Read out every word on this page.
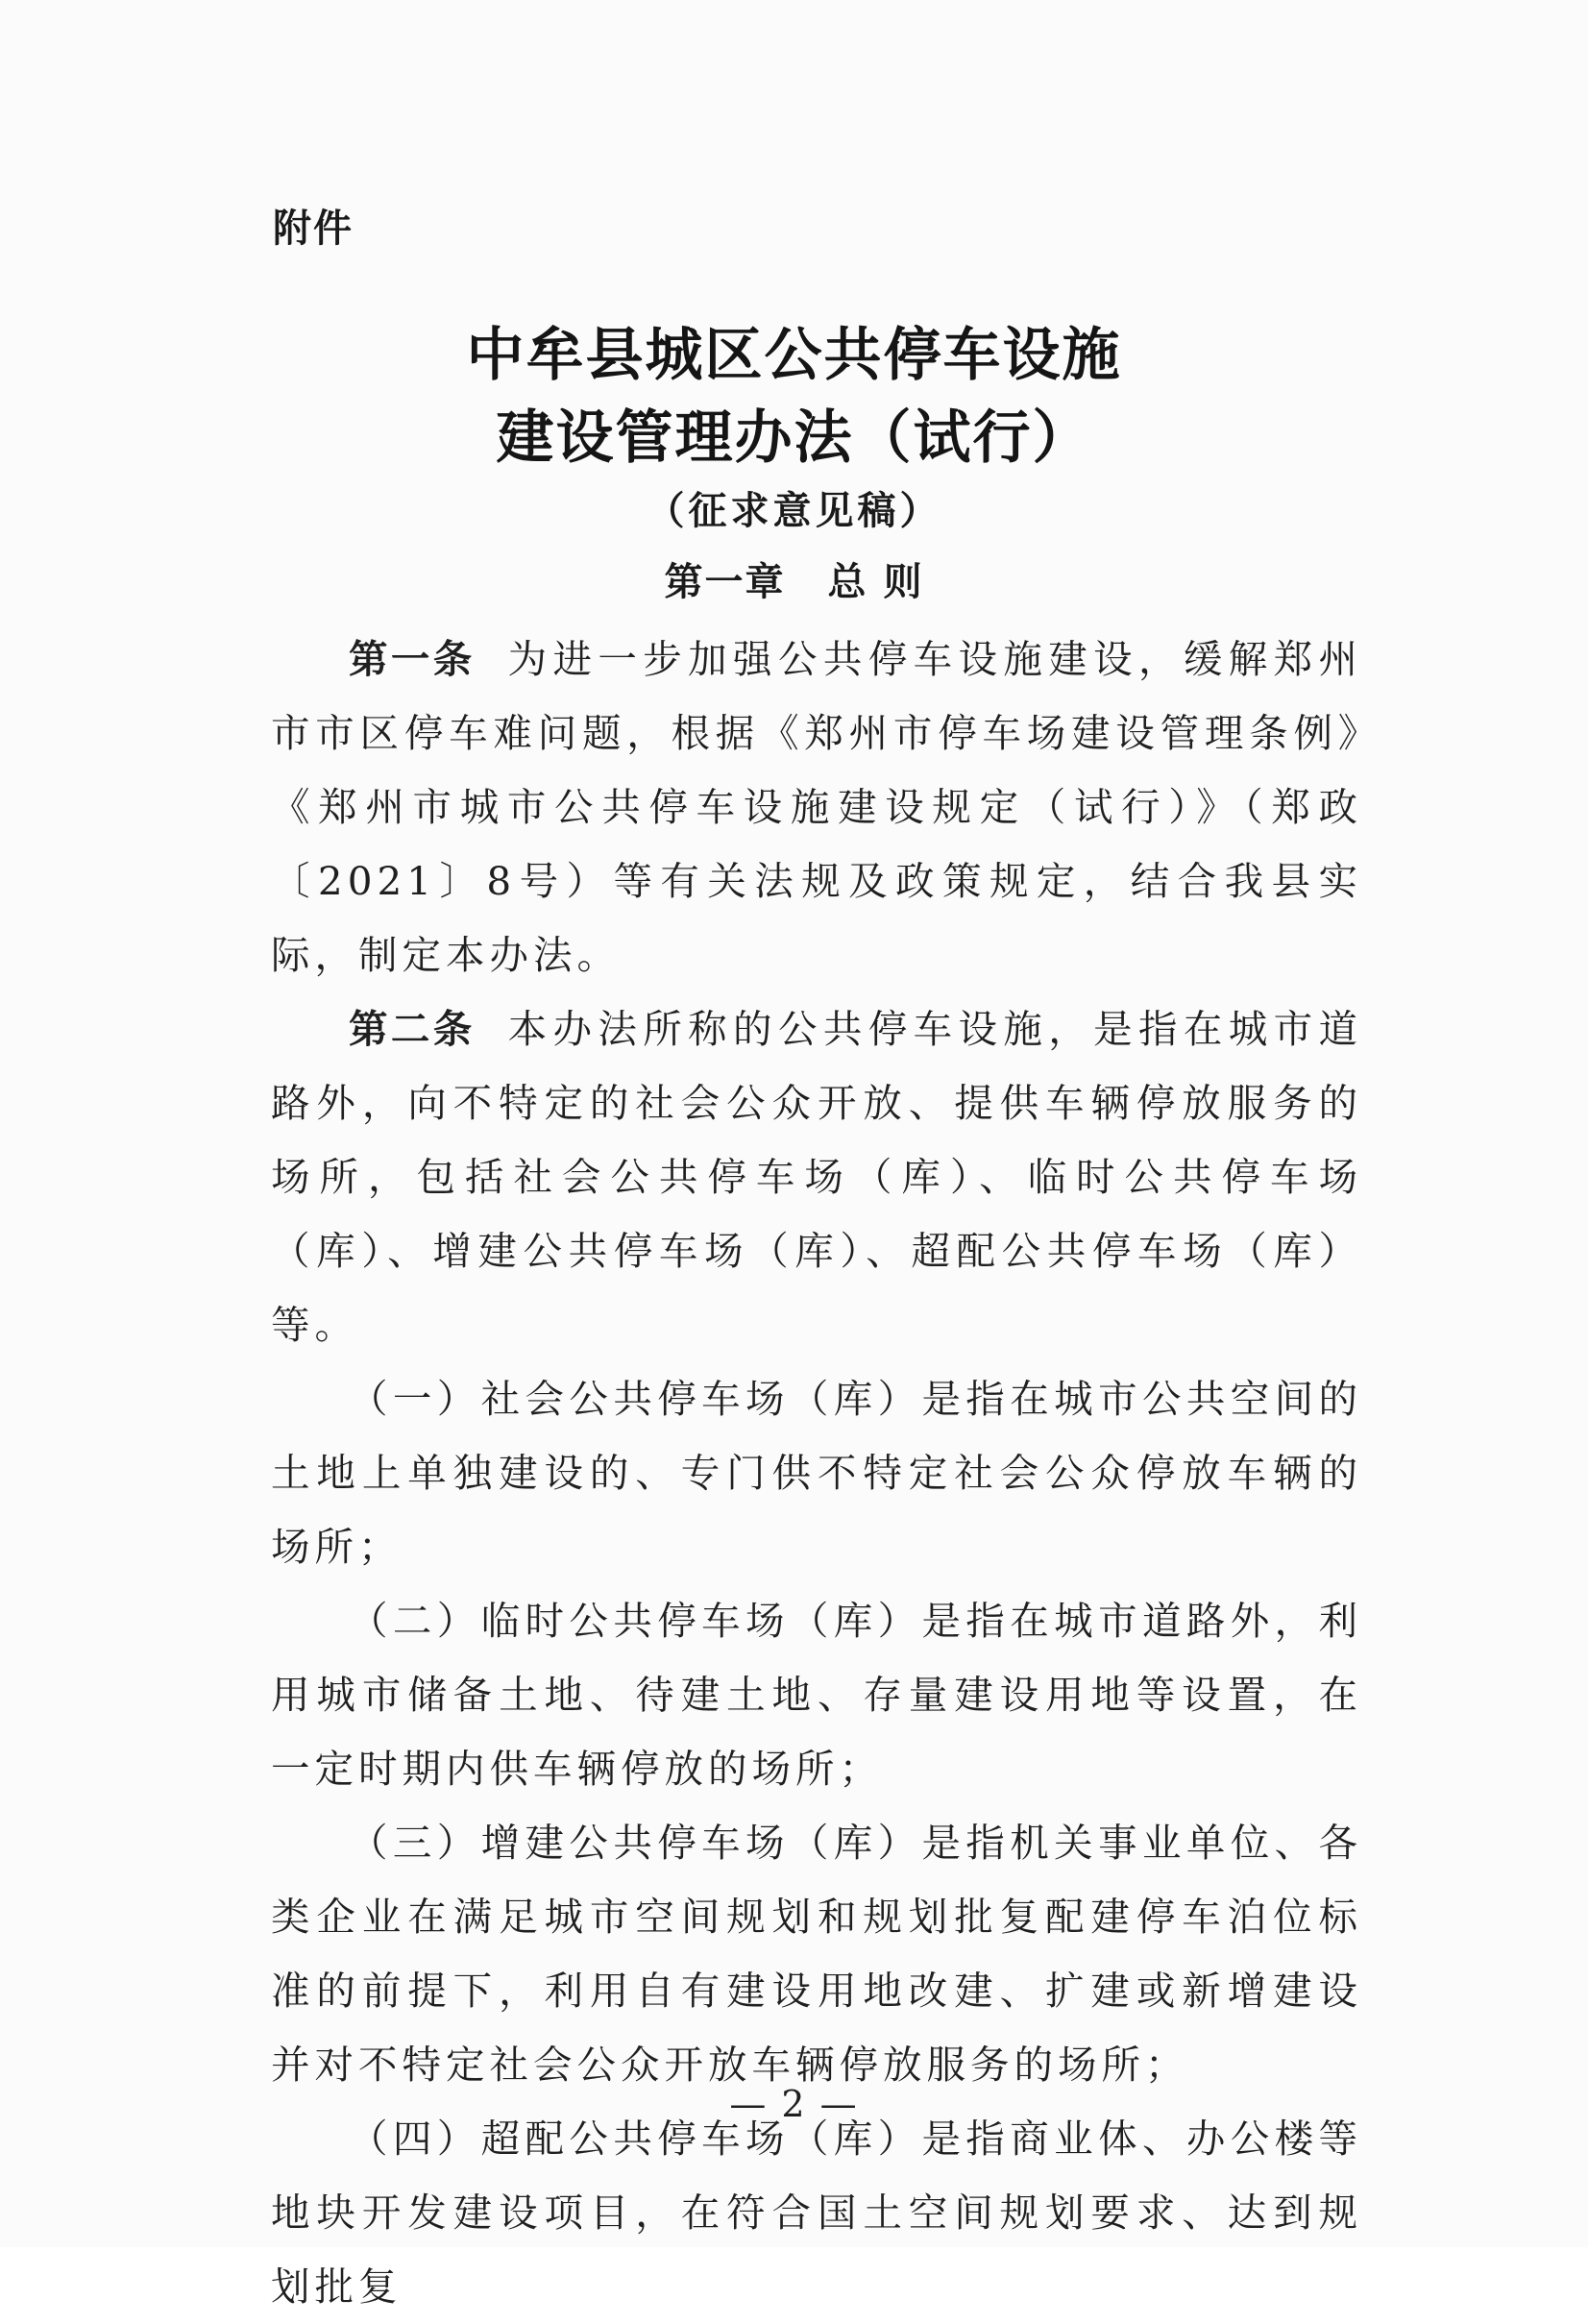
附件
中牟县城区公共停车设施
建设管理办法（试行）
（征求意见稿）
第一章 总 则

第一条 为进一步加强公共停车设施建设，缓解郑州市市区停车难问题，根据《郑州市停车场建设管理条例》《郑州市城市公共停车设施建设规定（试行）》（郑政〔2021〕8号）等有关法规及政策规定，结合我县实际，制定本办法。

第二条 本办法所称的公共停车设施，是指在城市道路外，向不特定的社会公众开放、提供车辆停放服务的场所，包括社会公共停车场（库）、临时公共停车场（库）、增建公共停车场（库）、超配公共停车场（库）等。

（一）社会公共停车场（库）是指在城市公共空间的土地上单独建设的、专门供不特定社会公众停放车辆的场所；

（二）临时公共停车场（库）是指在城市道路外，利用城市储备土地、待建土地、存量建设用地等设置，在一定时期内供车辆停放的场所；

（三）增建公共停车场（库）是指机关事业单位、各类企业在满足城市空间规划和规划批复配建停车泊位标准的前提下，利用自有建设用地改建、扩建或新增建设并对不特定社会公众开放车辆停放服务的场所；

（四）超配公共停车场（库）是指商业体、办公楼等地块开发建设项目，在符合国土空间规划要求、达到规划批复

— 2 —
